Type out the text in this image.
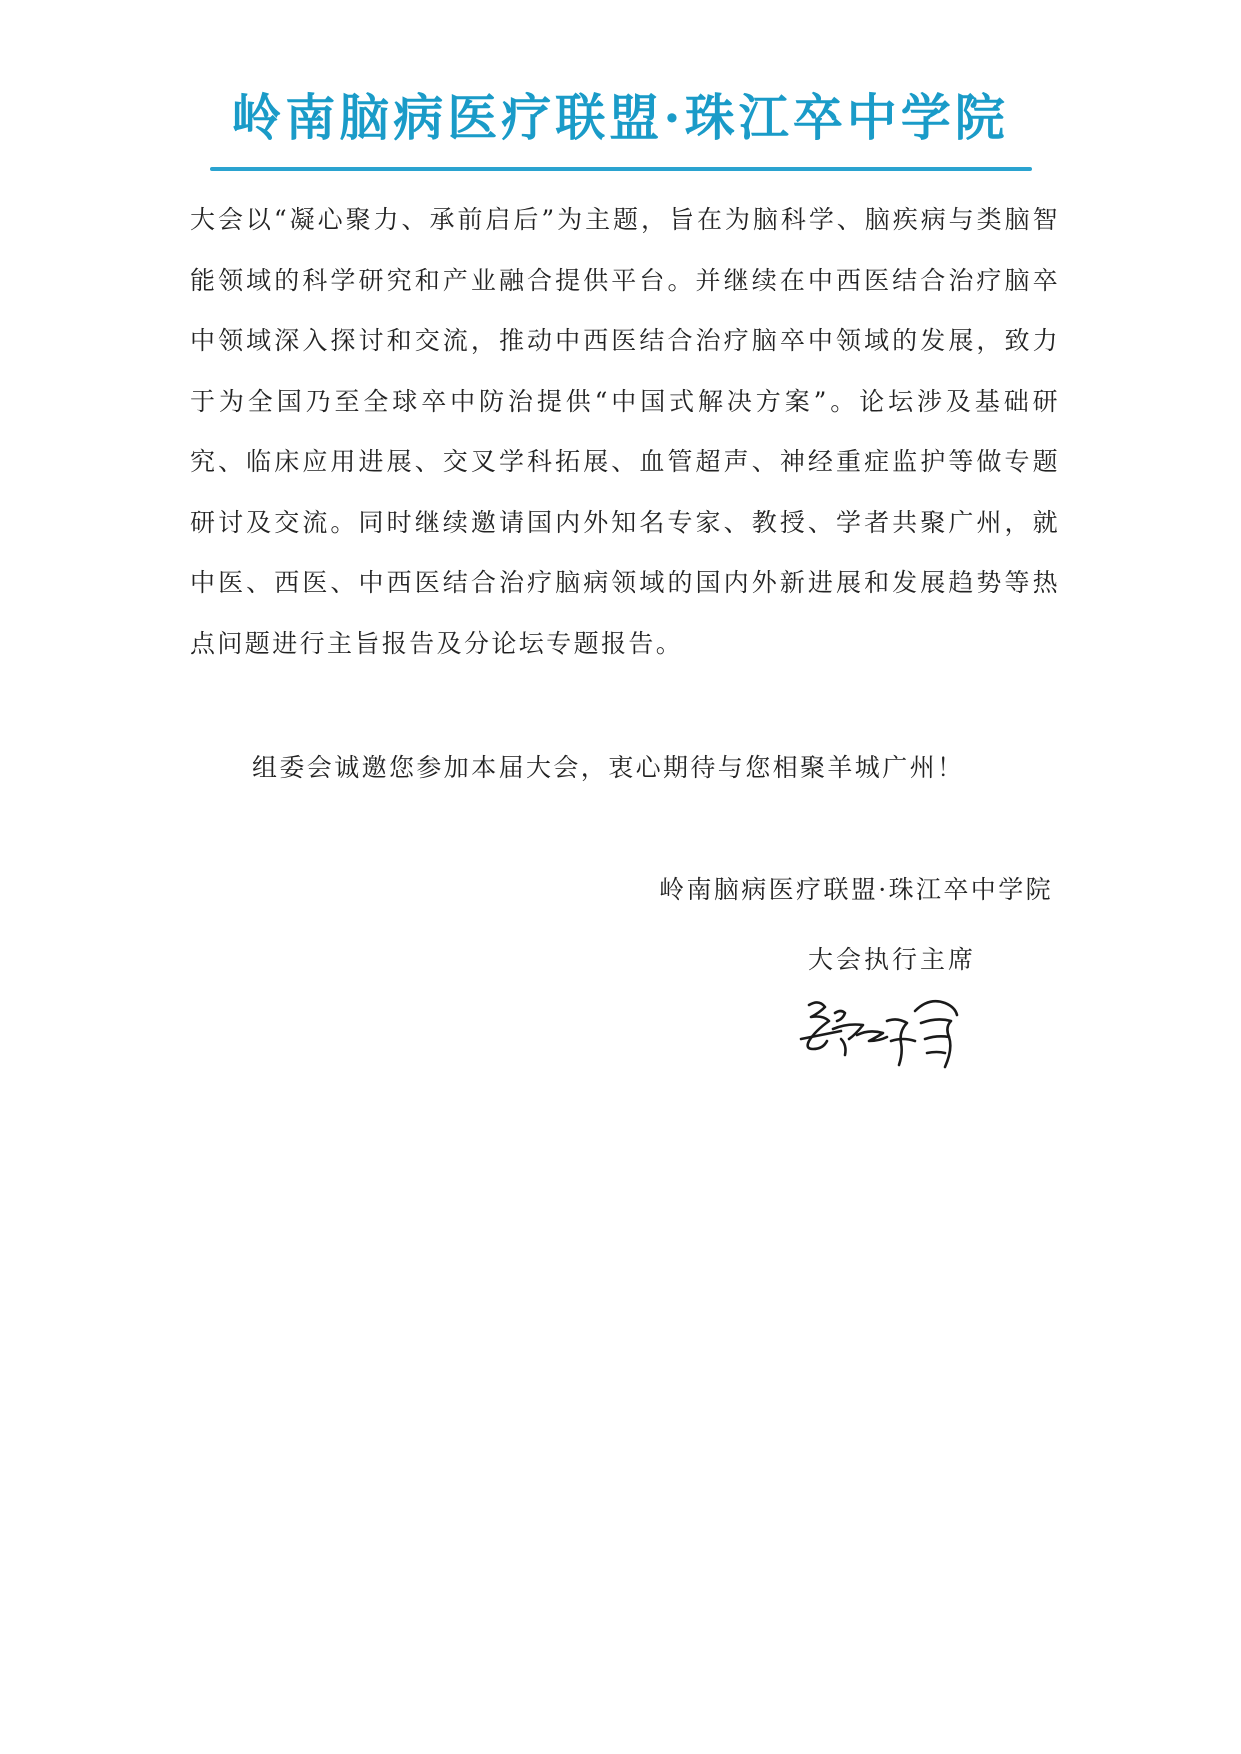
岭南脑病医疗联盟·珠江卒中学院

大会以“凝心聚力、承前启后”为主题，旨在为脑科学、脑疾病与类脑智能领域的科学研究和产业融合提供平台。并继续在中西医结合治疗脑卒中领域深入探讨和交流，推动中西医结合治疗脑卒中领域的发展，致力于为全国乃至全球卒中防治提供“中国式解决方案”。论坛涉及基础研究、临床应用进展、交叉学科拓展、血管超声、神经重症监护等做专题研讨及交流。同时继续邀请国内外知名专家、教授、学者共聚广州，就中医、西医、中西医结合治疗脑病领域的国内外新进展和发展趋势等热点问题进行主旨报告及分论坛专题报告。

组委会诚邀您参加本届大会，衷心期待与您相聚羊城广州！

岭南脑病医疗联盟·珠江卒中学院
大会执行主席
